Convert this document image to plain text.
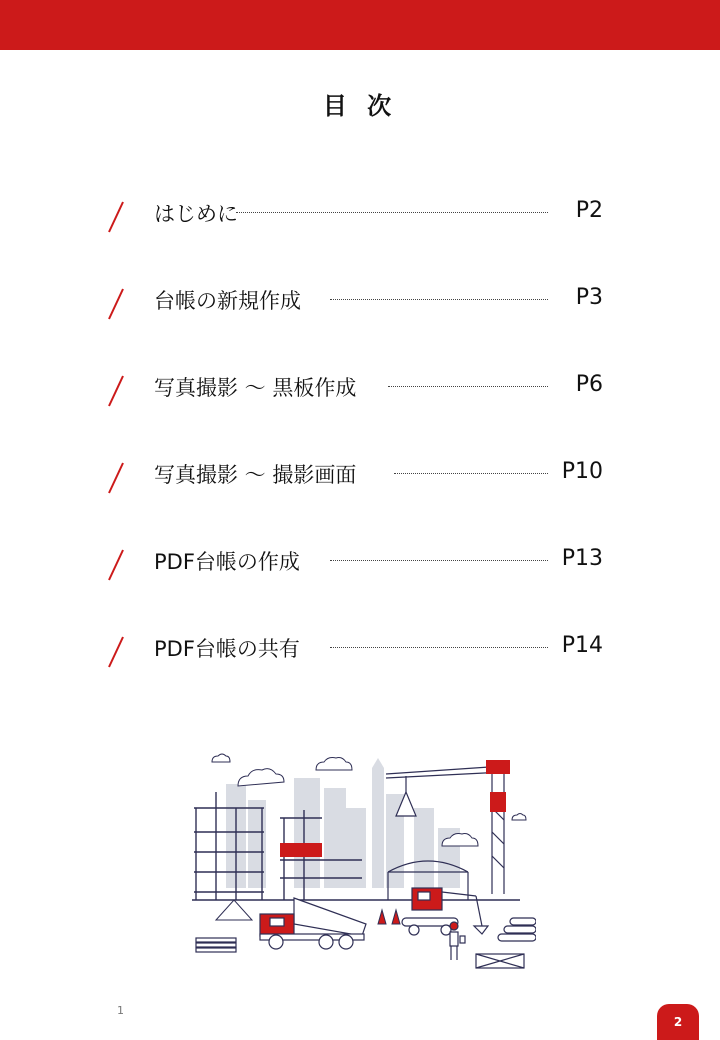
目 次
はじめに	P2
台帳の新規作成	P3
写真撮影 〜 黒板作成	P6
写真撮影 〜 撮影画面	P10
PDF台帳の作成	P13
PDF台帳の共有	P14
1
2
